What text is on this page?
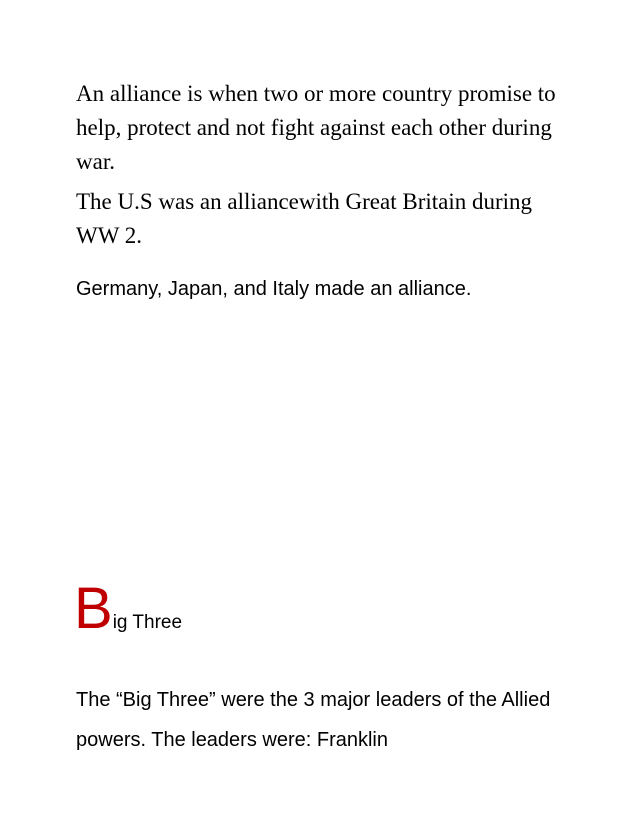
An alliance is when two or more country promise to help, protect and not fight against each other during war.

The U.S was an alliancewith Great Britain during WW 2.

Germany, Japan, and Italy made an alliance.

Big Three

The “Big Three” were the 3 major leaders of the Allied powers. The leaders were: Franklin
